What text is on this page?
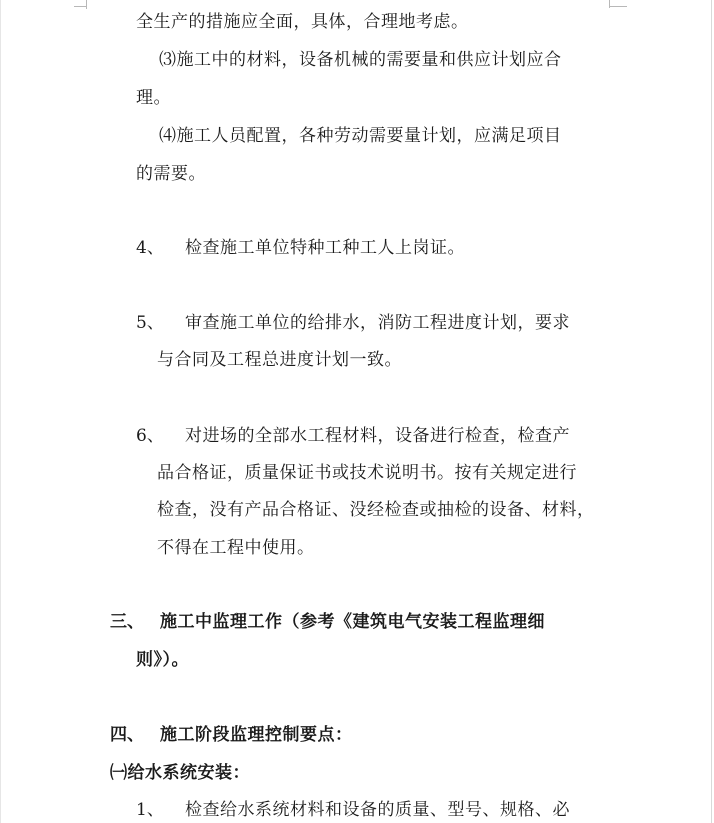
全生产的措施应全面，具体，合理地考虑。
⑶施工中的材料，设备机械的需要量和供应计划应合
理。
⑷施工人员配置，各种劳动需要量计划，应满足项目
的需要。
4、 检查施工单位特种工种工人上岗证。
5、 审查施工单位的给排水，消防工程进度计划，要求
与合同及工程总进度计划一致。
6、 对进场的全部水工程材料，设备进行检查，检查产
品合格证，质量保证书或技术说明书。按有关规定进行
检查，没有产品合格证、没经检查或抽检的设备、材料，
不得在工程中使用。
三、 施工中监理工作（参考《建筑电气安装工程监理细
则》）。
四、 施工阶段监理控制要点：
㈠给水系统安装：
1、 检查给水系统材料和设备的质量、型号、规格、必
